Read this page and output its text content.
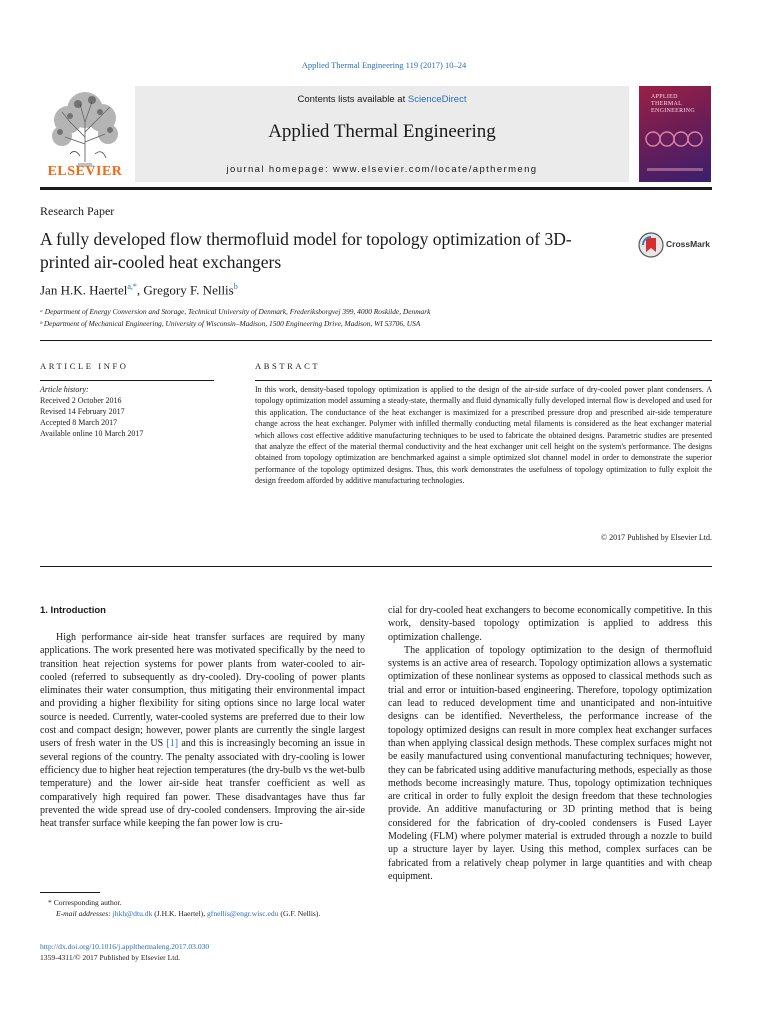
Applied Thermal Engineering 119 (2017) 10–24
ELSEVIER
Contents lists available at ScienceDirect
Applied Thermal Engineering
journal homepage: www.elsevier.com/locate/apthermeng
APPLIED THERMAL ENGINEERING
Research Paper
A fully developed flow thermofluid model for topology optimization of 3D-printed air-cooled heat exchangers
CrossMark
Jan H.K. Haertel$^{a,*}$, Gregory F. Nellis$^b$
ᵃ Department of Energy Conversion and Storage, Technical University of Denmark, Frederiksborgvej 399, 4000 Roskilde, Denmark
ᵇ Department of Mechanical Engineering, University of Wisconsin–Madison, 1500 Engineering Drive, Madison, WI 53706, USA
ARTICLE INFO	ABSTRACT
Article history:
Received 2 October 2016
Revised 14 February 2017
Accepted 8 March 2017
Available online 10 March 2017
In this work, density-based topology optimization is applied to the design of the air-side surface of dry-cooled power plant condensers. A topology optimization model assuming a steady-state, thermally and fluid dynamically fully developed internal flow is developed and used for this application. The conductance of the heat exchanger is maximized for a prescribed pressure drop and prescribed air-side temperature change across the heat exchanger. Polymer with infilled thermally conducting metal filaments is considered as the heat exchanger material which allows cost effective additive manufacturing techniques to be used to fabricate the obtained designs. Parametric studies are presented that analyze the effect of the material thermal conductivity and the heat exchanger unit cell height on the system's performance. The designs obtained from topology optimization are benchmarked against a simple optimized slot channel model in order to demonstrate the superior performance of the topology optimized designs. Thus, this work demonstrates the usefulness of topology optimization to fully exploit the design freedom afforded by additive manufacturing technologies.
© 2017 Published by Elsevier Ltd.
1. Introduction

High performance air-side heat transfer surfaces are required by many applications. The work presented here was motivated specifically by the need to transition heat rejection systems for power plants from water-cooled to air-cooled (referred to subsequently as dry-cooled). Dry-cooling of power plants eliminates their water consumption, thus mitigating their environmental impact and providing a higher flexibility for siting options since no large local water source is needed. Currently, water-cooled systems are preferred due to their low cost and compact design; however, power plants are currently the single largest users of fresh water in the US [1] and this is increasingly becoming an issue in several regions of the country. The penalty associated with dry-cooling is lower efficiency due to higher heat rejection temperatures (the dry-bulb vs the wet-bulb temperature) and the lower air-side heat transfer coefficient as well as comparatively high required fan power. These disadvantages have thus far prevented the wide spread use of dry-cooled condensers. Improving the air-side heat transfer surface while keeping the fan power low is cru-

cial for dry-cooled heat exchangers to become economically competitive. In this work, density-based topology optimization is applied to address this optimization challenge.

The application of topology optimization to the design of thermofluid systems is an active area of research. Topology optimization allows a systematic optimization of these nonlinear systems as opposed to classical methods such as trial and error or intuition-based engineering. Therefore, topology optimization can lead to reduced development time and unanticipated and non-intuitive designs can be identified. Nevertheless, the performance increase of the topology optimized designs can result in more complex heat exchanger surfaces than when applying classical design methods. These complex surfaces might not be easily manufactured using conventional manufacturing techniques; however, they can be fabricated using additive manufacturing methods, especially as those methods become increasingly mature. Thus, topology optimization techniques are critical in order to fully exploit the design freedom that these technologies provide. An additive manufacturing or 3D printing method that is being considered for the fabrication of dry-cooled condensers is Fused Layer Modeling (FLM) where polymer material is extruded through a nozzle to build up a structure layer by layer. Using this method, complex surfaces can be fabricated from a relatively cheap polymer in large quantities and with cheap equipment.

* Corresponding author.
E-mail addresses: jhkh@dtu.dk (J.H.K. Haertel), gfnellis@engr.wisc.edu (G.F. Nellis).
http://dx.doi.org/10.1016/j.applthermaleng.2017.03.030
1359-4311/© 2017 Published by Elsevier Ltd.
